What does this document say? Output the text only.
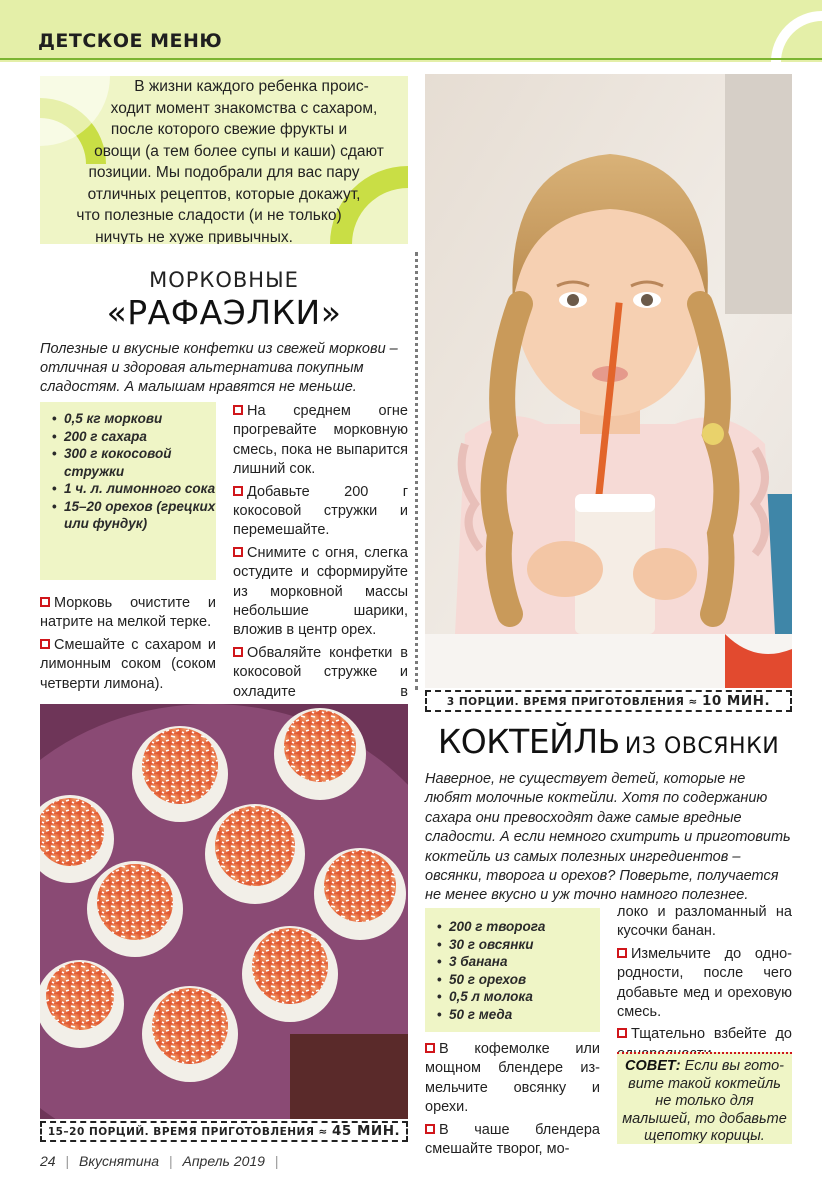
ДЕТСКОЕ МЕНЮ
В жизни каждого ребенка проис-
ходит момент знакомства с сахаром,
после которого свежие фрукты и
овощи (а тем более супы и каши) сдают
позиции. Мы подобрали для вас пару
отличных рецептов, которые докажут,
что полезные сладости (и не только)
ничуть не хуже привычных.
МОРКОВНЫЕ
«РАФАЭЛКИ»
Полезные и вкусные конфетки из свежей моркови – отличная и здоровая альтернатива покупным сладостям. А малышам нравятся не меньше.
• 0,5 кг моркови
• 200 г сахара
• 300 г кокосовой стружки
• 1 ч. л. лимонного сока
• 15–20 орехов (грецких или фундук)

На среднем огне прогревайте морковную смесь, пока не выпарится лишний сок.

Добавьте 200 г кокосовой стружки и перемешайте.

Снимите с огня, слегка остудите и сформируйте из морковной массы небольшие шарики, вложив в центр орех.

Обваляйте конфетки в кокосовой стружке и охладите в

Морковь очистите и натрите на мелкой терке.

Смешайте с сахаром и лимонным соком (соком четверти лимона).

3 ПОРЦИИ. ВРЕМЯ ПРИГОТОВЛЕНИЯ ≈ 10 МИН.
15–20 ПОРЦИЙ. ВРЕМЯ ПРИГОТОВЛЕНИЯ ≈ 45 МИН.
КОКТЕЙЛЬ ИЗ ОВСЯНКИ
Наверное, не существует детей, которые не любят молочные коктейли. Хотя по содержанию сахара они превосходят даже самые вредные сладости. А если немного схитрить и приготовить коктейль из самых полезных ингредиентов – овсянки, творога и орехов? Поверьте, получается не менее вкусно и уж точно намного полезнее.
• 200 г творога
• 30 г овсянки
• 3 банана
• 50 г орехов
• 0,5 л молока
• 50 г меда

В кофемолке или мощном блендере измельчите овсянку и орехи.

В чаше блендера смешайте творог, мо-

локо и разломанный на кусочки банан.

Измельчите до однородности, после чего добавьте мед и ореховую смесь.

Тщательно взбейте до

СОВЕТ: Если вы готовите такой коктейль не только для малышей, то добавьте щепотку корицы.
24 | Вкуснятина | Апрель 2019 |
